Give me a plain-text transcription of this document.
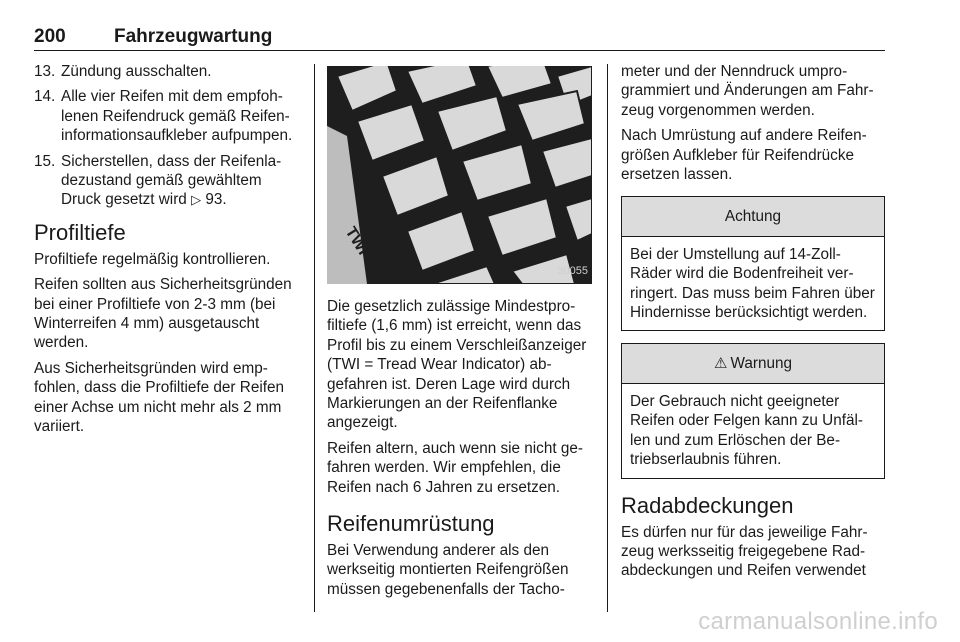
200	Fahrzeugwartung
13. Zündung ausschalten.
14. Alle vier Reifen mit dem empfohlenen Reifendruck gemäß Reifeninformationsaufkleber aufpumpen.
15. Sicherstellen, dass der Reifenladezustand gemäß gewähltem Druck gesetzt wird ▷ 93.
Profiltiefe

Profiltiefe regelmäßig kontrollieren.

Reifen sollten aus Sicherheitsgründen bei einer Profiltiefe von 2-3 mm (bei Winterreifen 4 mm) ausgetauscht werden.

Aus Sicherheitsgründen wird empfohlen, dass die Profiltiefe der Reifen einer Achse um nicht mehr als 2 mm variiert.

TWI
30055

Die gesetzlich zulässige Mindestprofiltiefe (1,6 mm) ist erreicht, wenn das Profil bis zu einem Verschleißanzeiger (TWI = Tread Wear Indicator) abgefahren ist. Deren Lage wird durch Markierungen an der Reifenflanke angezeigt.

Reifen altern, auch wenn sie nicht gefahren werden. Wir empfehlen, die Reifen nach 6 Jahren zu ersetzen.

Reifenumrüstung

Bei Verwendung anderer als den werkseitig montierten Reifengrößen müssen gegebenenfalls der Tacho-

meter und der Nenndruck umprogrammiert und Änderungen am Fahrzeug vorgenommen werden.

Nach Umrüstung auf andere Reifengrößen Aufkleber für Reifendrücke ersetzen lassen.

Achtung
Bei der Umstellung auf 14-Zoll-Räder wird die Bodenfreiheit verringert. Das muss beim Fahren über Hindernisse berücksichtigt werden.
⚠ Warnung
Der Gebrauch nicht geeigneter Reifen oder Felgen kann zu Unfällen und zum Erlöschen der Betriebserlaubnis führen.
Radabdeckungen

Es dürfen nur für das jeweilige Fahrzeug werksseitig freigegebene Radabdeckungen und Reifen verwendet

carmanualsonline.info
